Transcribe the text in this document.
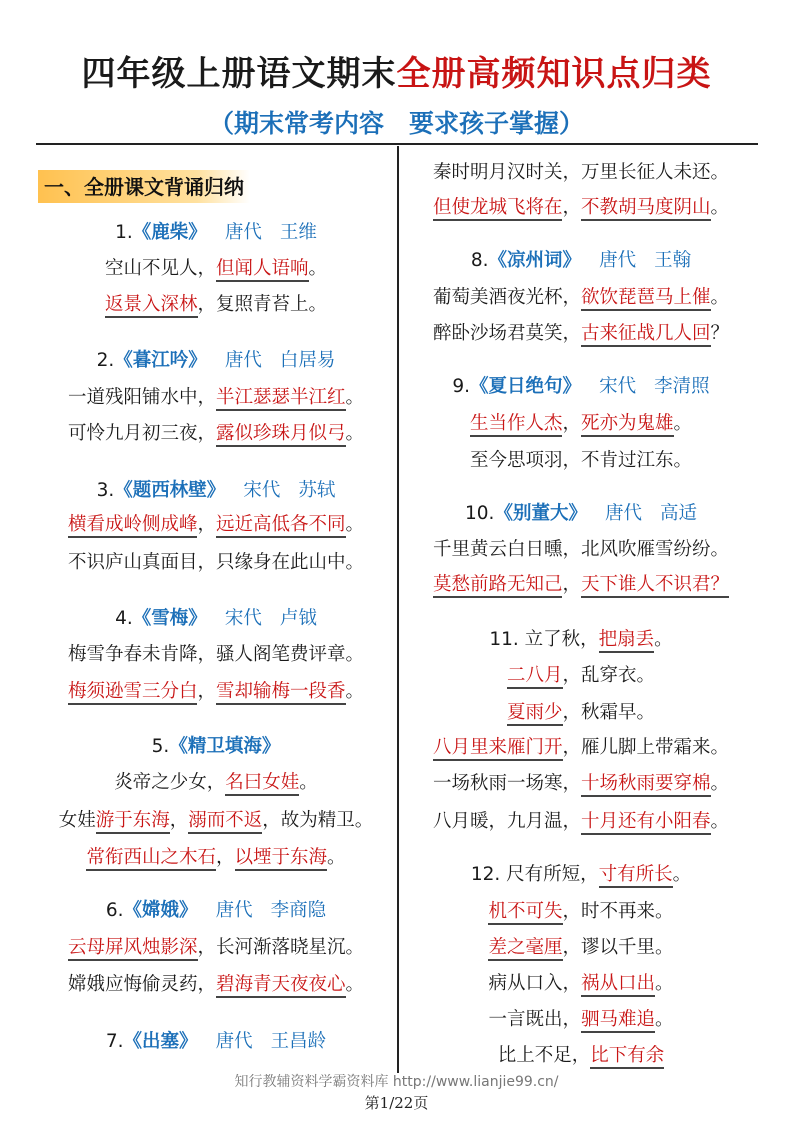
四年级上册语文期末全册高频知识点归类
（期末常考内容　要求孩子掌握）
一、全册课文背诵归纳
1.《鹿柴》 唐代 王维
空山不见人，但闻人语响。
返景入深林，复照青苔上。
2.《暮江吟》 唐代 白居易
一道残阳铺水中，半江瑟瑟半江红。
可怜九月初三夜，露似珍珠月似弓。
3.《题西林壁》 宋代 苏轼
横看成岭侧成峰，远近高低各不同。
不识庐山真面目，只缘身在此山中。
4.《雪梅》 宋代 卢钺
梅雪争春未肯降，骚人阁笔费评章。
梅须逊雪三分白，雪却输梅一段香。
5.《精卫填海》
炎帝之少女，名曰女娃。
女娃游于东海，溺而不返，故为精卫。
常衔西山之木石，以堙于东海。
6.《嫦娥》 唐代 李商隐
云母屏风烛影深，长河渐落晓星沉。
嫦娥应悔偷灵药，碧海青天夜夜心。
7.《出塞》 唐代 王昌龄
秦时明月汉时关，万里长征人未还。
但使龙城飞将在，不教胡马度阴山。
8.《凉州词》 唐代 王翰
葡萄美酒夜光杯，欲饮琵琶马上催。
醉卧沙场君莫笑，古来征战几人回？
9.《夏日绝句》 宋代 李清照
生当作人杰，死亦为鬼雄。
至今思项羽，不肯过江东。
10.《别董大》 唐代 高适
千里黄云白日曛，北风吹雁雪纷纷。
莫愁前路无知己，天下谁人不识君？
11. 立了秋，把扇丢。
二八月，乱穿衣。
夏雨少，秋霜早。
八月里来雁门开，雁儿脚上带霜来。
一场秋雨一场寒，十场秋雨要穿棉。
八月暖，九月温，十月还有小阳春。
12. 尺有所短，寸有所长。
机不可失，时不再来。
差之毫厘，谬以千里。
病从口入，祸从口出。
一言既出，驷马难追。
比上不足，比下有余
知行教辅资料学霸资料库 http://www.lianjie99.cn/
第1/22页
